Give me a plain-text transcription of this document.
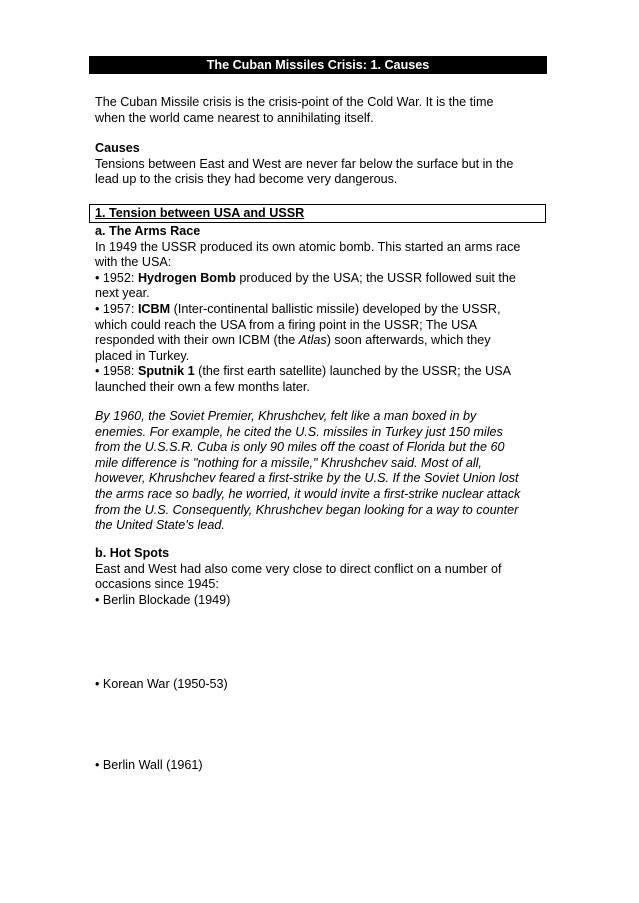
The Cuban Missiles Crisis: 1. Causes

The Cuban Missile crisis is the crisis-point of the Cold War. It is the time

when the world came nearest to annihilating itself.

Causes

Tensions between East and West are never far below the surface but in the

lead up to the crisis they had become very dangerous.

1. Tension between USA and USSR

a. The Arms Race

In 1949 the USSR produced its own atomic bomb. This started an arms race

with the USA:

• 1952: Hydrogen Bomb produced by the USA; the USSR followed suit the

next year.

• 1957: ICBM (Inter-continental ballistic missile) developed by the USSR,

which could reach the USA from a firing point in the USSR; The USA

responded with their own ICBM (the Atlas) soon afterwards, which they

placed in Turkey.

• 1958: Sputnik 1 (the first earth satellite) launched by the USSR; the USA

launched their own a few months later.

By 1960, the Soviet Premier, Khrushchev, felt like a man boxed in by

enemies. For example, he cited the U.S. missiles in Turkey just 150 miles

from the U.S.S.R. Cuba is only 90 miles off the coast of Florida but the 60

mile difference is "nothing for a missile," Khrushchev said. Most of all,

however, Khrushchev feared a first-strike by the U.S. If the Soviet Union lost

the arms race so badly, he worried, it would invite a first-strike nuclear attack

from the U.S. Consequently, Khrushchev began looking for a way to counter

the United State's lead.

b. Hot Spots

East and West had also come very close to direct conflict on a number of

occasions since 1945:

• Berlin Blockade (1949)

• Korean War (1950-53)
• Berlin Wall (1961)
